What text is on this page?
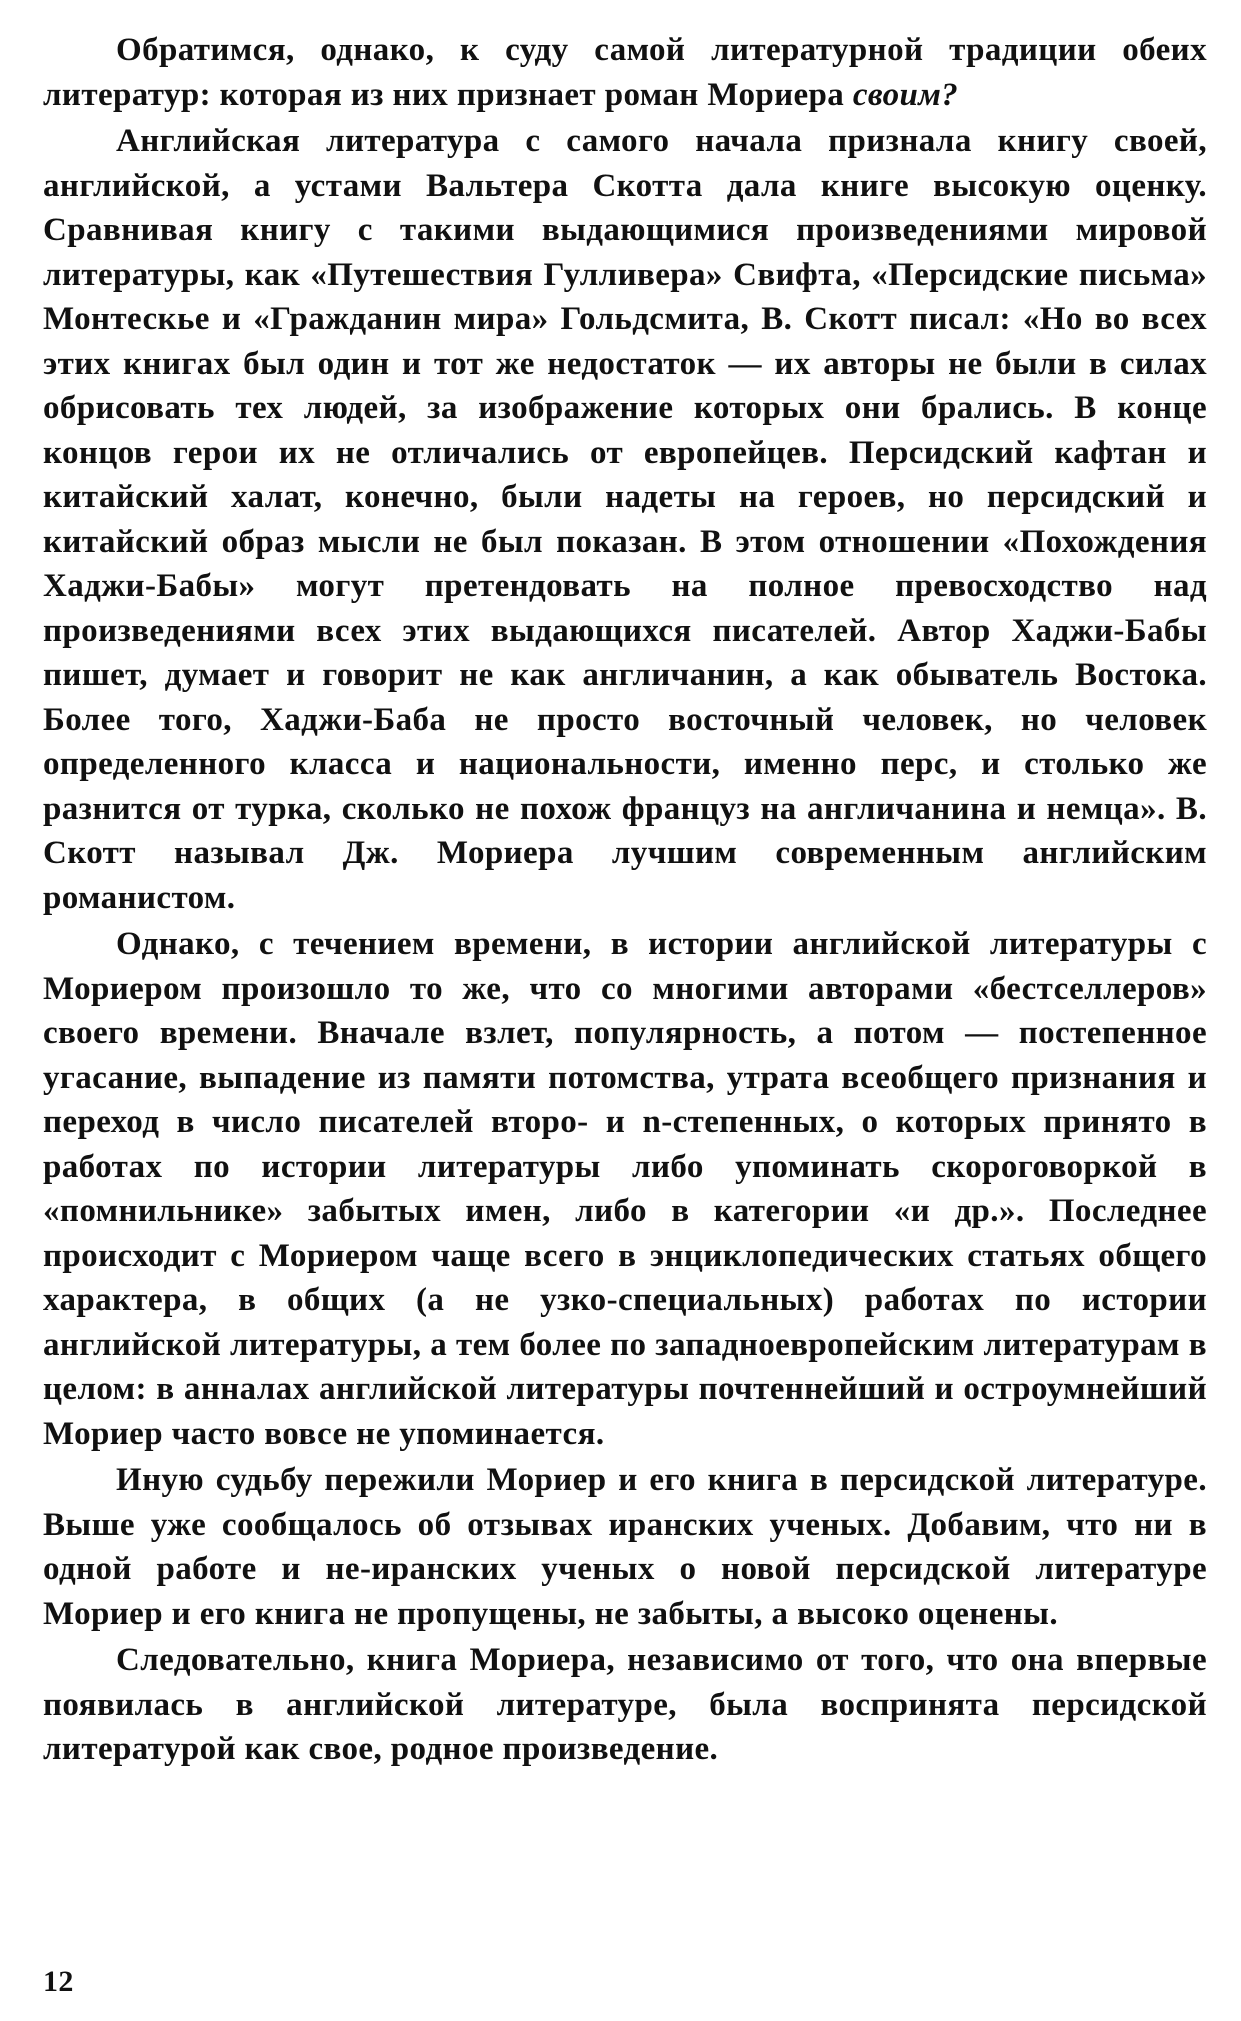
Обратимся, однако, к суду самой литературной традиции обеих литератур: которая из них признает роман Мориера своим?

Английская литература с самого начала признала книгу своей, английской, а устами Вальтера Скотта дала книге высокую оценку. Сравнивая книгу с такими выдающимися произведениями мировой литературы, как «Путешествия Гулливера» Свифта, «Персидские письма» Монтескье и «Гражданин мира» Гольдсмита, В. Скотт писал: «Но во всех этих книгах был один и тот же недостаток — их авторы не были в силах обрисовать тех людей, за изображение которых они брались. В конце концов герои их не отличались от европейцев. Персидский кафтан и китайский халат, конечно, были надеты на героев, но персидский и китайский образ мысли не был показан. В этом отношении «Похождения Хаджи-Бабы» могут претендовать на полное превосходство над произведениями всех этих выдающихся писателей. Автор Хаджи-Бабы пишет, думает и говорит не как англичанин, а как обыватель Востока. Более того, Хаджи-Баба не просто восточный человек, но человек определенного класса и национальности, именно перс, и столько же разнится от турка, сколько не похож француз на англичанина и немца». В. Скотт называл Дж. Мориера лучшим современным английским романистом.

Однако, с течением времени, в истории английской литературы с Мориером произошло то же, что со многими авторами «бестселлеров» своего времени. Вначале взлет, популярность, а потом — постепенное угасание, выпадение из памяти потомства, утрата всеобщего признания и переход в число писателей второ- и n-степенных, о которых принято в работах по истории литературы либо упоминать скороговоркой в «помнильнике» забытых имен, либо в категории «и др.». Последнее происходит с Мориером чаще всего в энциклопедических статьях общего характера, в общих (а не узко-специальных) работах по истории английской литературы, а тем более по западноевропейским литературам в целом: в анналах английской литературы почтеннейший и остроумнейший Мориер часто вовсе не упоминается.

Иную судьбу пережили Мориер и его книга в персидской литературе. Выше уже сообщалось об отзывах иранских ученых. Добавим, что ни в одной работе и не-иранских ученых о новой персидской литературе Мориер и его книга не пропущены, не забыты, а высоко оценены.

Следовательно, книга Мориера, независимо от того, что она впервые появилась в английской литературе, была воспринята персидской литературой как свое, родное произведение.

12
